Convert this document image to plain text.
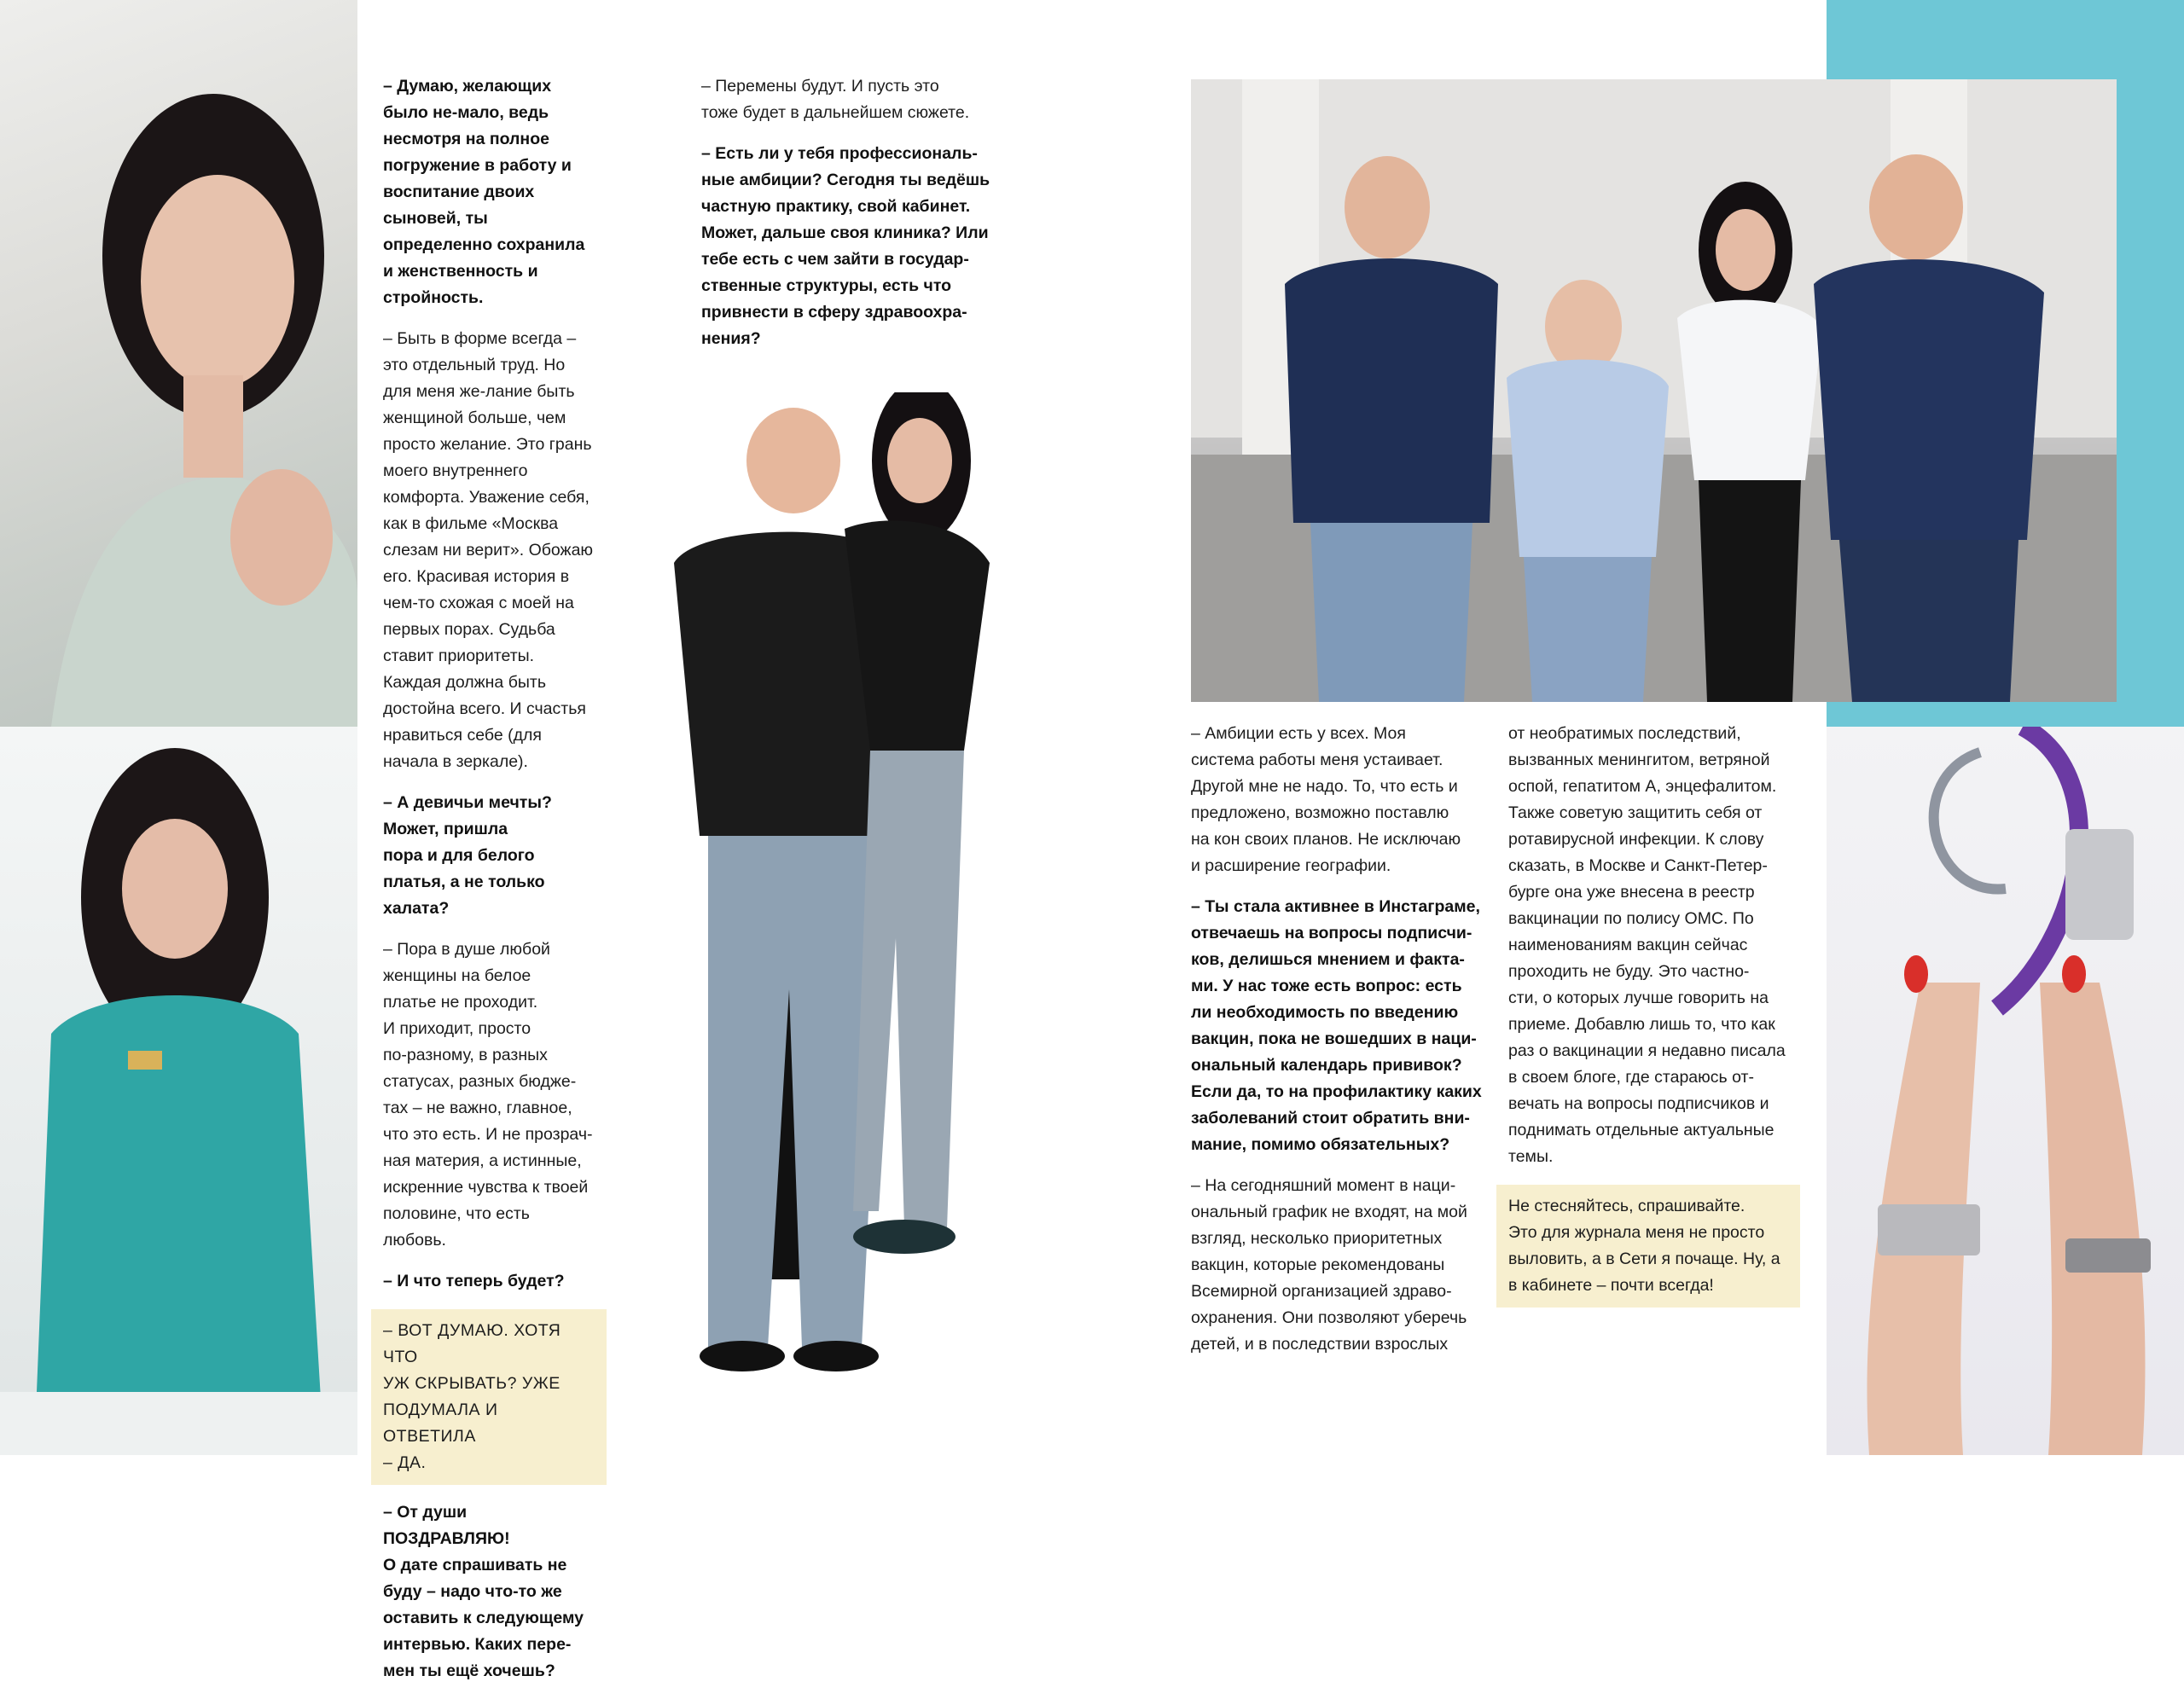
– Думаю, желающих было не-мало, ведь несмотря на полное погружение в работу и воспитание двоих сыновей, ты определенно сохранила и женственность и стройность.

– Быть в форме всегда – это отдельный труд. Но для меня же-лание быть женщиной больше, чем просто желание. Это грань моего внутреннего комфорта. Уважение себя, как в фильме «Москва слезам ни верит». Обожаю его. Красивая история в чем-то схожая с моей на первых порах. Судьба ставит приоритеты. Каждая должна быть достойна всего. И счастья нравиться себе (для начала в зеркале).

– А девичьи мечты?
Может, пришла
пора и для белого
платья, а не только
халата?

– Пора в душе любой
женщины на белое
платье не проходит.
И приходит, просто
по-разному, в разных
статусах, разных бюдже-
тах – не важно, главное,
что это есть. И не прозрач-
ная материя, а истинные,
искренние чувства к твоей
половине, что есть любовь.

– И что теперь будет?

– ВОТ ДУМАЮ. ХОТЯ ЧТО
УЖ СКРЫВАТЬ? УЖЕ
ПОДУМАЛА И ОТВЕТИЛА
– ДА.

– От души ПОЗДРАВЛЯЮ!
О дате спрашивать не
буду – надо что-то же
оставить к следующему
интервью. Каких пере-
мен ты ещё хочешь?

– Перемены будут. И пусть это
тоже будет в дальнейшем сюжете.

– Есть ли у тебя профессиональ-
ные амбиции? Сегодня ты ведёшь
частную практику, свой кабинет.
Может, дальше своя клиника? Или
тебе есть с чем зайти в государ-
ственные структуры, есть что
привнести в сферу здравоохра-
нения?

– Амбиции есть у всех. Моя
система работы меня устаивает.
Другой мне не надо. То, что есть и
предложено, возможно поставлю
на кон своих планов. Не исключаю
и расширение географии.

– Ты стала активнее в Инстаграме,
отвечаешь на вопросы подписчи-
ков, делишься мнением и факта-
ми. У нас тоже есть вопрос: есть
ли необходимость по введению
вакцин, пока не вошедших в наци-
ональный календарь прививок?
Если да, то на профилактику каких
заболеваний стоит обратить вни-
мание, помимо обязательных?

– На сегодняшний момент в наци-
ональный график не входят, на мой
взгляд, несколько приоритетных
вакцин, которые рекомендованы
Всемирной организацией здраво-
охранения. Они позволяют уберечь
детей, и в последствии взрослых

от необратимых последствий,
вызванных менингитом, ветряной
оспой, гепатитом А, энцефалитом.
Также советую защитить себя от
ротавирусной инфекции. К слову
сказать, в Москве и Санкт-Петер-
бурге она уже внесена в реестр
вакцинации по полису ОМС. По
наименованиям вакцин сейчас
проходить не буду. Это частно-
сти, о которых лучше говорить на
приеме. Добавлю лишь то, что как
раз о вакцинации я недавно писала
в своем блоге, где стараюсь от-
вечать на вопросы подписчиков и
поднимать отдельные актуальные
темы.

Не стесняйтесь, спрашивайте.
Это для журнала меня не просто
выловить, а в Сети я почаще. Ну, а
в кабинете – почти всегда!
